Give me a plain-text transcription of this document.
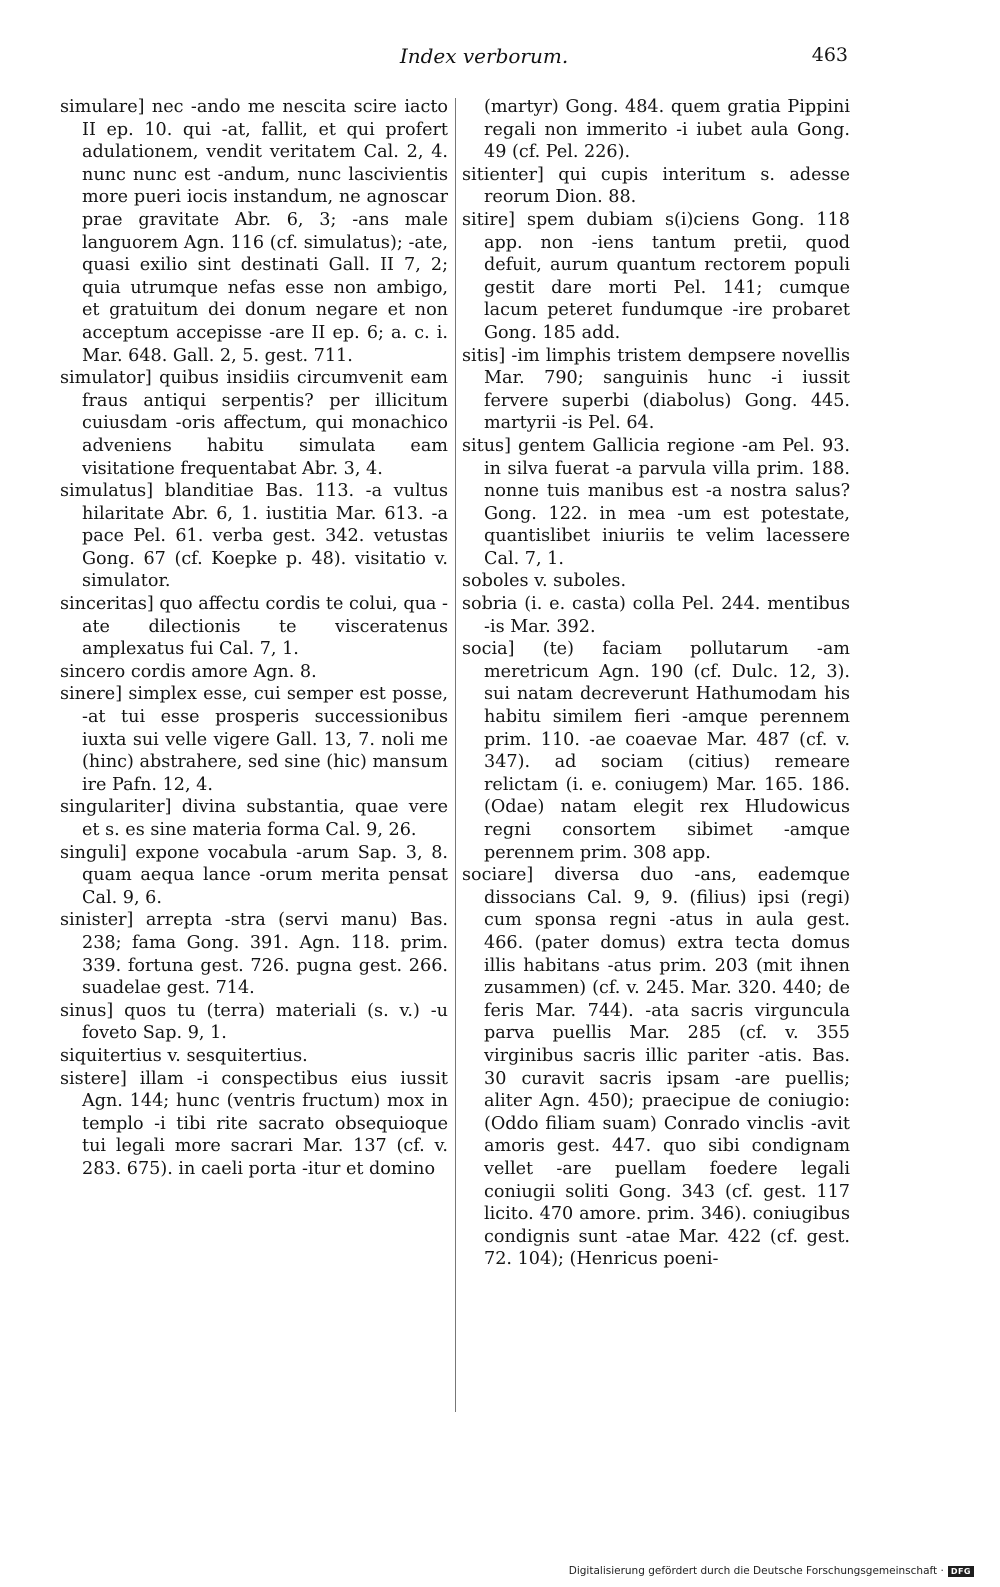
Index verborum.	463

simulare] nec -ando me nescita scire iacto II ep. 10. qui -at, fallit, et qui profert adulationem, vendit veritatem Cal. 2, 4. nunc nunc est -andum, nunc lascivientis more pueri iocis instandum, ne agnoscar prae gravitate Abr. 6, 3; -ans male languorem Agn. 116 (cf. simulatus); -ate, quasi exilio sint destinati Gall. II 7, 2; quia utrumque nefas esse non ambigo, et gratuitum dei donum negare et non acceptum accepisse -are II ep. 6; a. c. i. Mar. 648. Gall. 2, 5. gest. 711.

simulator] quibus insidiis circumvenit eam fraus antiqui serpentis? per illicitum cuiusdam -oris affectum, qui monachico adveniens habitu simulata eam visitatione frequentabat Abr. 3, 4.

simulatus] blanditiae Bas. 113. -a vultus hilaritate Abr. 6, 1. iustitia Mar. 613. -a pace Pel. 61. verba gest. 342. vetustas Gong. 67 (cf. Koepke p. 48). visitatio v. simulator.

sinceritas] quo affectu cordis te colui, qua -ate dilectionis te visceratenus amplexatus fui Cal. 7, 1.

sincero cordis amore Agn. 8.

sinere] simplex esse, cui semper est posse, -at tui esse prosperis successionibus iuxta sui velle vigere Gall. 13, 7. noli me (hinc) abstrahere, sed sine (hic) mansum ire Pafn. 12, 4.

singulariter] divina substantia, quae vere et s. es sine materia forma Cal. 9, 26.

singuli] expone vocabula -arum Sap. 3, 8. quam aequa lance -orum merita pensat Cal. 9, 6.

sinister] arrepta -stra (servi manu) Bas. 238; fama Gong. 391. Agn. 118. prim. 339. fortuna gest. 726. pugna gest. 266. suadelae gest. 714.

sinus] quos tu (terra) materiali (s. v.) -u foveto Sap. 9, 1.

siquitertius v. sesquitertius.

sistere] illam -i conspectibus eius iussit Agn. 144; hunc (ventris fructum) mox in templo -i tibi rite sacrato obsequioque tui legali more sacrari Mar. 137 (cf. v. 283. 675). in caeli porta -itur et domino

(martyr) Gong. 484. quem gratia Pippini regali non immerito -i iubet aula Gong. 49 (cf. Pel. 226).

sitienter] qui cupis interitum s. adesse reorum Dion. 88.

sitire] spem dubiam s(i)ciens Gong. 118 app. non -iens tantum pretii, quod defuit, aurum quantum rectorem populi gestit dare morti Pel. 141; cumque lacum peteret fundumque -ire probaret Gong. 185 add.

sitis] -im limphis tristem dempsere novellis Mar. 790; sanguinis hunc -i iussit fervere superbi (diabolus) Gong. 445. martyrii -is Pel. 64.

situs] gentem Gallicia regione -am Pel. 93. in silva fuerat -a parvula villa prim. 188. nonne tuis manibus est -a nostra salus? Gong. 122. in mea -um est potestate, quantislibet iniuriis te velim lacessere Cal. 7, 1.

soboles v. suboles.

sobria (i. e. casta) colla Pel. 244. mentibus -is Mar. 392.

socia] (te) faciam pollutarum -am meretricum Agn. 190 (cf. Dulc. 12, 3). sui natam decreverunt Hathumodam his habitu similem fieri -amque perennem prim. 110. -ae coaevae Mar. 487 (cf. v. 347). ad sociam (citius) remeare relictam (i. e. coniugem) Mar. 165. 186. (Odae) natam elegit rex Hludowicus regni consortem sibimet -amque perennem prim. 308 app.

sociare] diversa duo -ans, eademque dissocians Cal. 9, 9. (filius) ipsi (regi) cum sponsa regni -atus in aula gest. 466. (pater domus) extra tecta domus illis habitans -atus prim. 203 (mit ihnen zusammen) (cf. v. 245. Mar. 320. 440; de feris Mar. 744). -ata sacris virguncula parva puellis Mar. 285 (cf. v. 355 virginibus sacris illic pariter -atis. Bas. 30 curavit sacris ipsam -are puellis; aliter Agn. 450); praecipue de coniugio: (Oddo filiam suam) Conrado vinclis -avit amoris gest. 447. quo sibi condignam vellet -are puellam foedere legali coniugii soliti Gong. 343 (cf. gest. 117 licito. 470 amore. prim. 346). coniugibus condignis sunt -atae Mar. 422 (cf. gest. 72. 104); (Henricus poeni-

Digitalisierung gefördert durch die Deutsche Forschungsgemeinschaft · DFG
